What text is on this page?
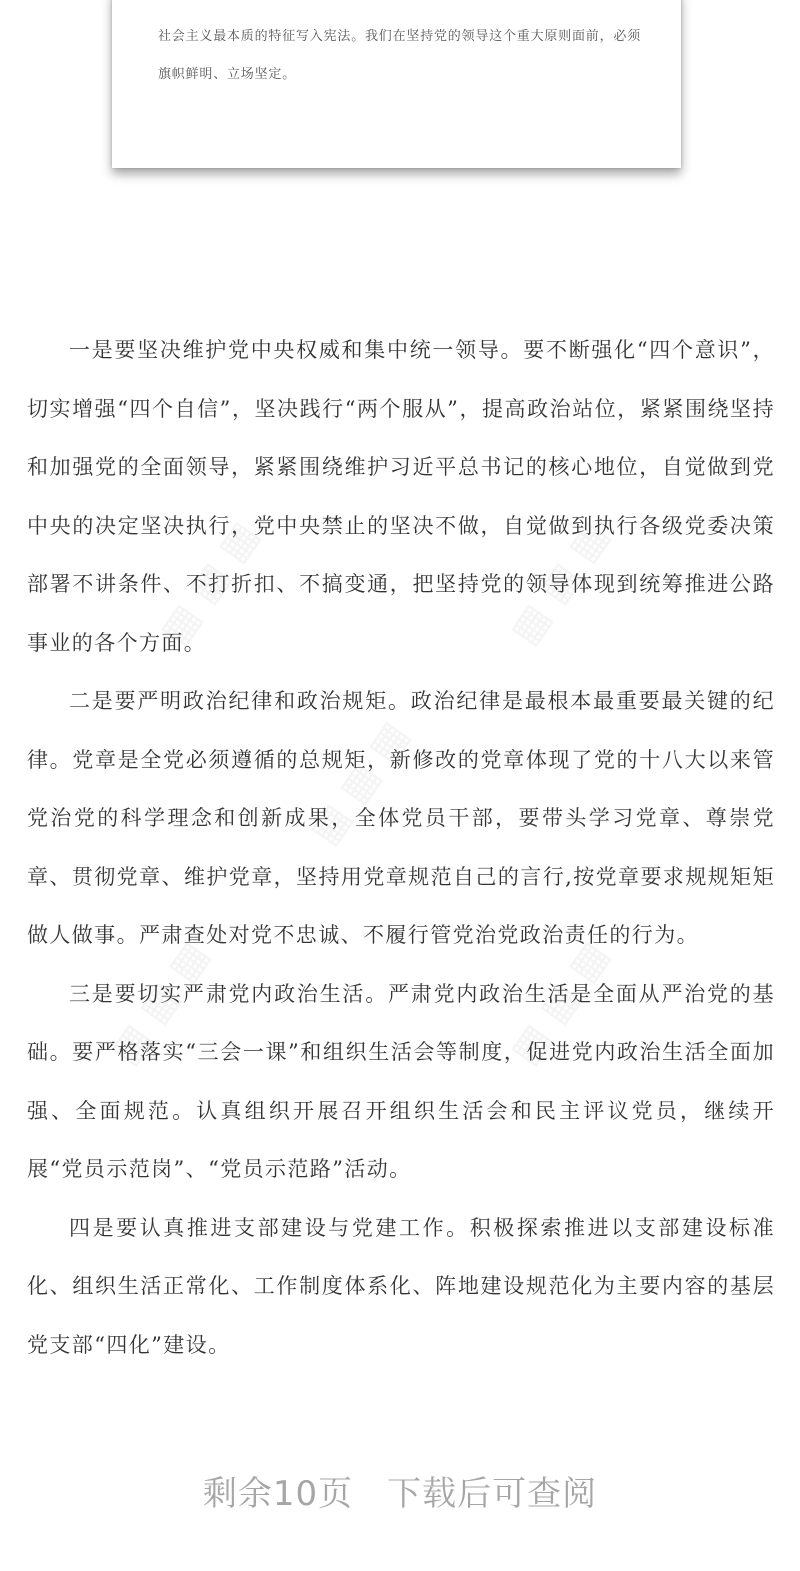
社会主义最本质的特征写入宪法。我们在坚持党的领导这个重大原则面前，必须旗帜鲜明、立场坚定。

一是要坚决维护党中央权威和集中统一领导。要不断强化“四个意识”，切实增强“四个自信”，坚决践行“两个服从”，提高政治站位，紧紧围绕坚持和加强党的全面领导，紧紧围绕维护习近平总书记的核心地位，自觉做到党中央的决定坚决执行，党中央禁止的坚决不做，自觉做到执行各级党委决策部署不讲条件、不打折扣、不搞变通，把坚持党的领导体现到统筹推进公路事业的各个方面。

二是要严明政治纪律和政治规矩。政治纪律是最根本最重要最关键的纪律。党章是全党必须遵循的总规矩，新修改的党章体现了党的十八大以来管党治党的科学理念和创新成果，全体党员干部，要带头学习党章、尊崇党章、贯彻党章、维护党章，坚持用党章规范自己的言行,按党章要求规规矩矩做人做事。严肃查处对党不忠诚、不履行管党治党政治责任的行为。

三是要切实严肃党内政治生活。严肃党内政治生活是全面从严治党的基础。要严格落实“三会一课”和组织生活会等制度，促进党内政治生活全面加强、全面规范。认真组织开展召开组织生活会和民主评议党员，继续开展“党员示范岗”、“党员示范路”活动。

四是要认真推进支部建设与党建工作。积极探索推进以支部建设标准化、组织生活正常化、工作制度体系化、阵地建设规范化为主要内容的基层党支部“四化”建设。

剩余10页 下载后可查阅
